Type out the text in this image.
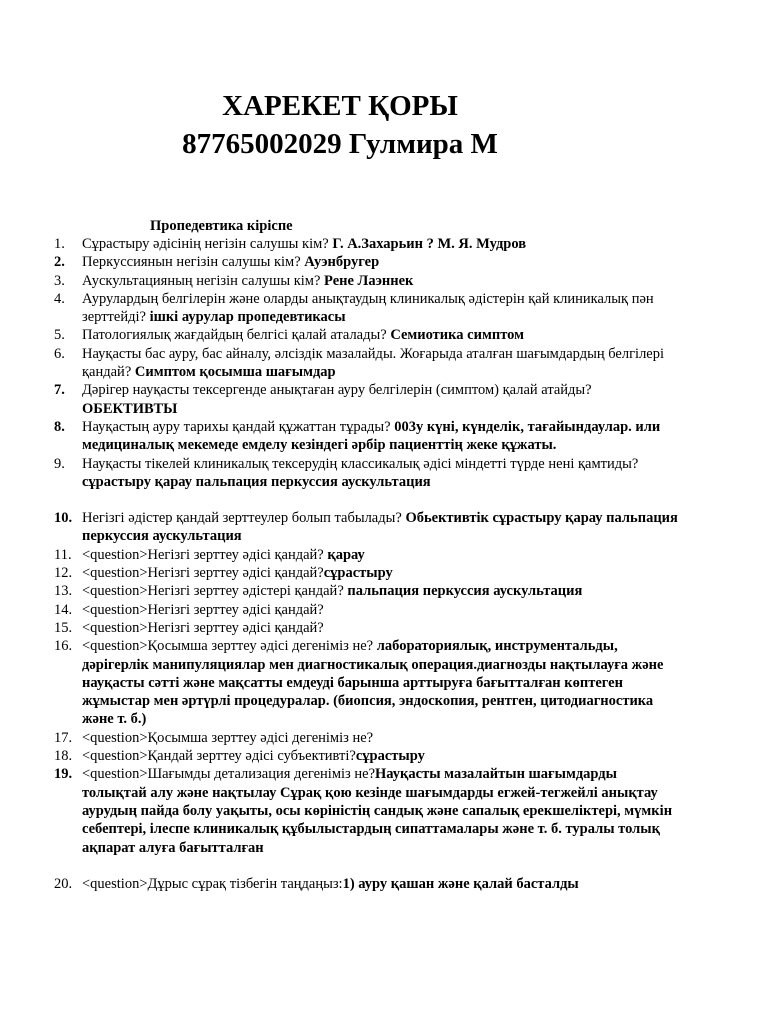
ХАРЕКЕТ ҚОРЫ
87765002029 Гулмира М
Пропедевтика кіріспе
1.	Сұрастыру әдісінің негізін салушы кім? Г. А.Захарьин ? М. Я. Мудров
2.	Перкуссиянын негізін салушы кім? Ауэнбругер
3.	Аускультацияның негізін салушы кім? Рене Лаэннек
4.	Аурулардың белгілерін және оларды анықтаудың клиникалық әдістерін қай клиникалық пән зерттейді? ішкі аурулар пропедевтикасы
5.	Патологиялық жағдайдың белгісі қалай аталады? Семиотика симптом
6.	Науқасты бас ауру, бас айналу, әлсіздік мазалайды. Жоғарыда аталған шағымдардың белгілері қандай? Симптом қосымша шағымдар
7.	Дәрігер науқасты тексергенде анықтаған ауру белгілерін (симптом) қалай атайды? ОБЕКТИВТЫ
8.	Науқастың ауру тарихы қандай құжаттан тұрады? 003у күні, күнделік, тағайындаулар. или медициналық мекемеде емделу кезіндегі әрбір пациенттің жеке құжаты.
9.	Науқасты тікелей клиникалық тексерудің классикалық әдісі міндетті түрде нені қамтиды? сұрастыру қарау пальпация перкуссия аускультация
10. Негізгі әдістер қандай зерттеулер болып табылады? Обьективтік сұрастыру қарау пальпация перкуссия аускультация
11. <question>Негізгі зерттеу әдісі қандай? қарау
12. <question>Негізгі зерттеу әдісі қандай?сұрастыру
13. <question>Негізгі зерттеу әдістері қандай? пальпация перкуссия аускультация
14. <question>Негізгі зерттеу әдісі қандай?
15. <question>Негізгі зерттеу әдісі қандай?
16. <question>Қосымша зерттеу әдісі дегеніміз не? лабораториялық, инструментальды, дәрігерлік манипуляциялар мен диагностикалық операция.диагнозды нақтылауға және науқасты сәтті және мақсатты емдеуді барынша арттыруға бағытталған көптеген жұмыстар мен әртүрлі процедуралар. (биопсия, эндоскопия, рентген, цитодиагностика және т. б.)
17. <question>Қосымша зерттеу әдісі дегеніміз не?
18. <question>Қандай зерттеу әдісі субъективті?сұрастыру
19. <question>Шағымды детализация дегеніміз не?Науқасты мазалайтын шағымдарды толықтай алу және нақтылау Сұрақ қою кезінде шағымдарды егжей-тегжейлі анықтау аурудың пайда болу уақыты, осы көріністің сандық және сапалық ерекшеліктері, мүмкін себептері, ілеспе клиникалық құбылыстардың сипаттамалары және т. б. туралы толық ақпарат алуға бағытталған
20. <question>Дұрыс сұрақ тізбегін таңдаңыз:1) ауру қашан және қалай басталды
